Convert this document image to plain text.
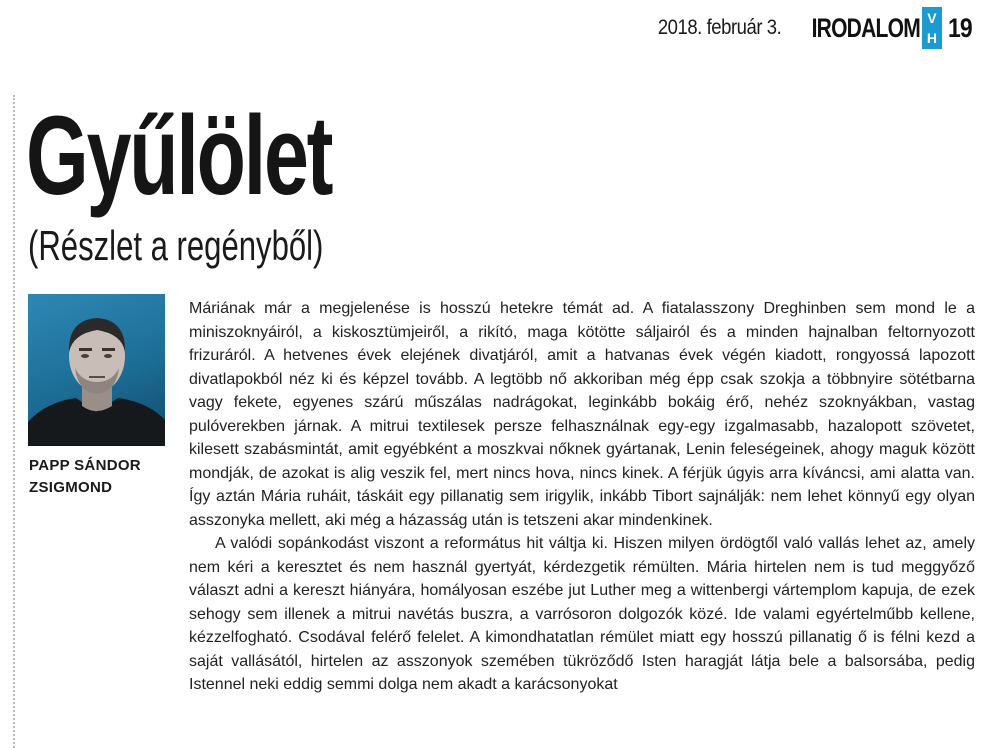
2018. február 3. IRODALOM V
H 19
Gyűlölet
(Részlet a regényből)
PAPP SÁNDOR
ZSIGMOND

Máriának már a megjelenése is hosszú hetekre témát ad. A fiatalasszony Dreghinben sem mond le a miniszoknyáiról, a kiskosztümjeiről, a rikító, maga kötötte sáljairól és a minden hajnalban feltornyozott frizuráról. A hetvenes évek elejének divatjáról, amit a hatvanas évek végén kiadott, rongyossá lapozott divatlapokból néz ki és képzel tovább. A legtöbb nő akkoriban még épp csak szokja a többnyire sötétbarna vagy fekete, egyenes szárú műszálas nadrágokat, leginkább bokáig érő, nehéz szoknyákban, vastag pulóverekben járnak. A mitrui textilesek persze felhasználnak egy-egy izgalmasabb, hazalopott szövetet, kilesett szabásmintát, amit egyébként a moszkvai nőknek gyártanak, Lenin feleségeinek, ahogy maguk között mondják, de azokat is alig veszik fel, mert nincs hova, nincs kinek. A férjük úgyis arra kíváncsi, ami alatta van. Így aztán Mária ruháit, táskáit egy pillanatig sem irigylik, inkább Tibort sajnálják: nem lehet könnyű egy olyan asszonyka mellett, aki még a házasság után is tetszeni akar mindenkinek.

A valódi sopánkodást viszont a református hit váltja ki. Hiszen milyen ördögtől való vallás lehet az, amely nem kéri a keresztet és nem használ gyertyát, kérdezgetik rémülten. Mária hirtelen nem is tud meggyőző választ adni a kereszt hiányára, homályosan eszébe jut Luther meg a wittenbergi vártemplom kapuja, de ezek sehogy sem illenek a mitrui navétás buszra, a varrósoron dolgozók közé. Ide valami egyértelműbb kellene, kézzelfogható. Csodával felérő felelet. A kimondhatatlan rémület miatt egy hosszú pillanatig ő is félni kezd a saját vallásától, hirtelen az asszonyok szemében tükröződő Isten haragját látja bele a balsorsába, pedig Istennel neki eddig semmi dolga nem akadt a karácsonyokat
